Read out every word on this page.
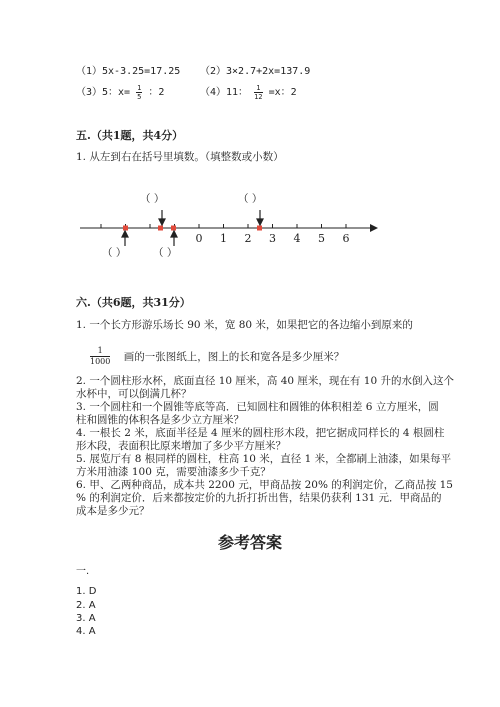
（1）5x-3.25=17.25 （2）3×2.7+2x=137.9
（3）5：$x= \frac{1}{5}$ ：2	（4）11： $\frac{1}{12} =x$：2
五.（共1题，共4分）
1. 从左到右在括号里填数。（填整数或小数）
（ ）	（ ）
（ ）	（ ）
0 1 2 3 4 5 6
六.（共6题，共31分）
1. 一个长方形游乐场长 90 米，宽 80 米，如果把它的各边缩小到原来的
$\frac{1}{1000}$ 画的一张图纸上，图上的长和宽各是多少厘米？
2. 一个圆柱形水杯，底面直径 10 厘米，高 40 厘米，现在有 10 升的水倒入这个
水杯中，可以倒满几杯？
3. 一个圆柱和一个圆锥等底等高．已知圆柱和圆锥的体积相差 6 立方厘米，圆
柱和圆锥的体积各是多少立方厘米？
4. 一根长 2 米，底面半径是 4 厘米的圆柱形木段，把它据成同样长的 4 根圆柱
形木段，表面积比原来增加了多少平方厘米？
5. 展览厅有 8 根同样的圆柱，柱高 10 米，直径 1 米，全都刷上油漆，如果每平
方米用油漆 100 克，需要油漆多少千克？
6. 甲、乙两种商品，成本共 2200 元，甲商品按 20% 的利润定价，乙商品按 15
% 的利润定价．后来都按定价的九折打折出售，结果仍获利 131 元．甲商品的
成本是多少元？
参考答案
一.
1. D
2. A
3. A
4. A
